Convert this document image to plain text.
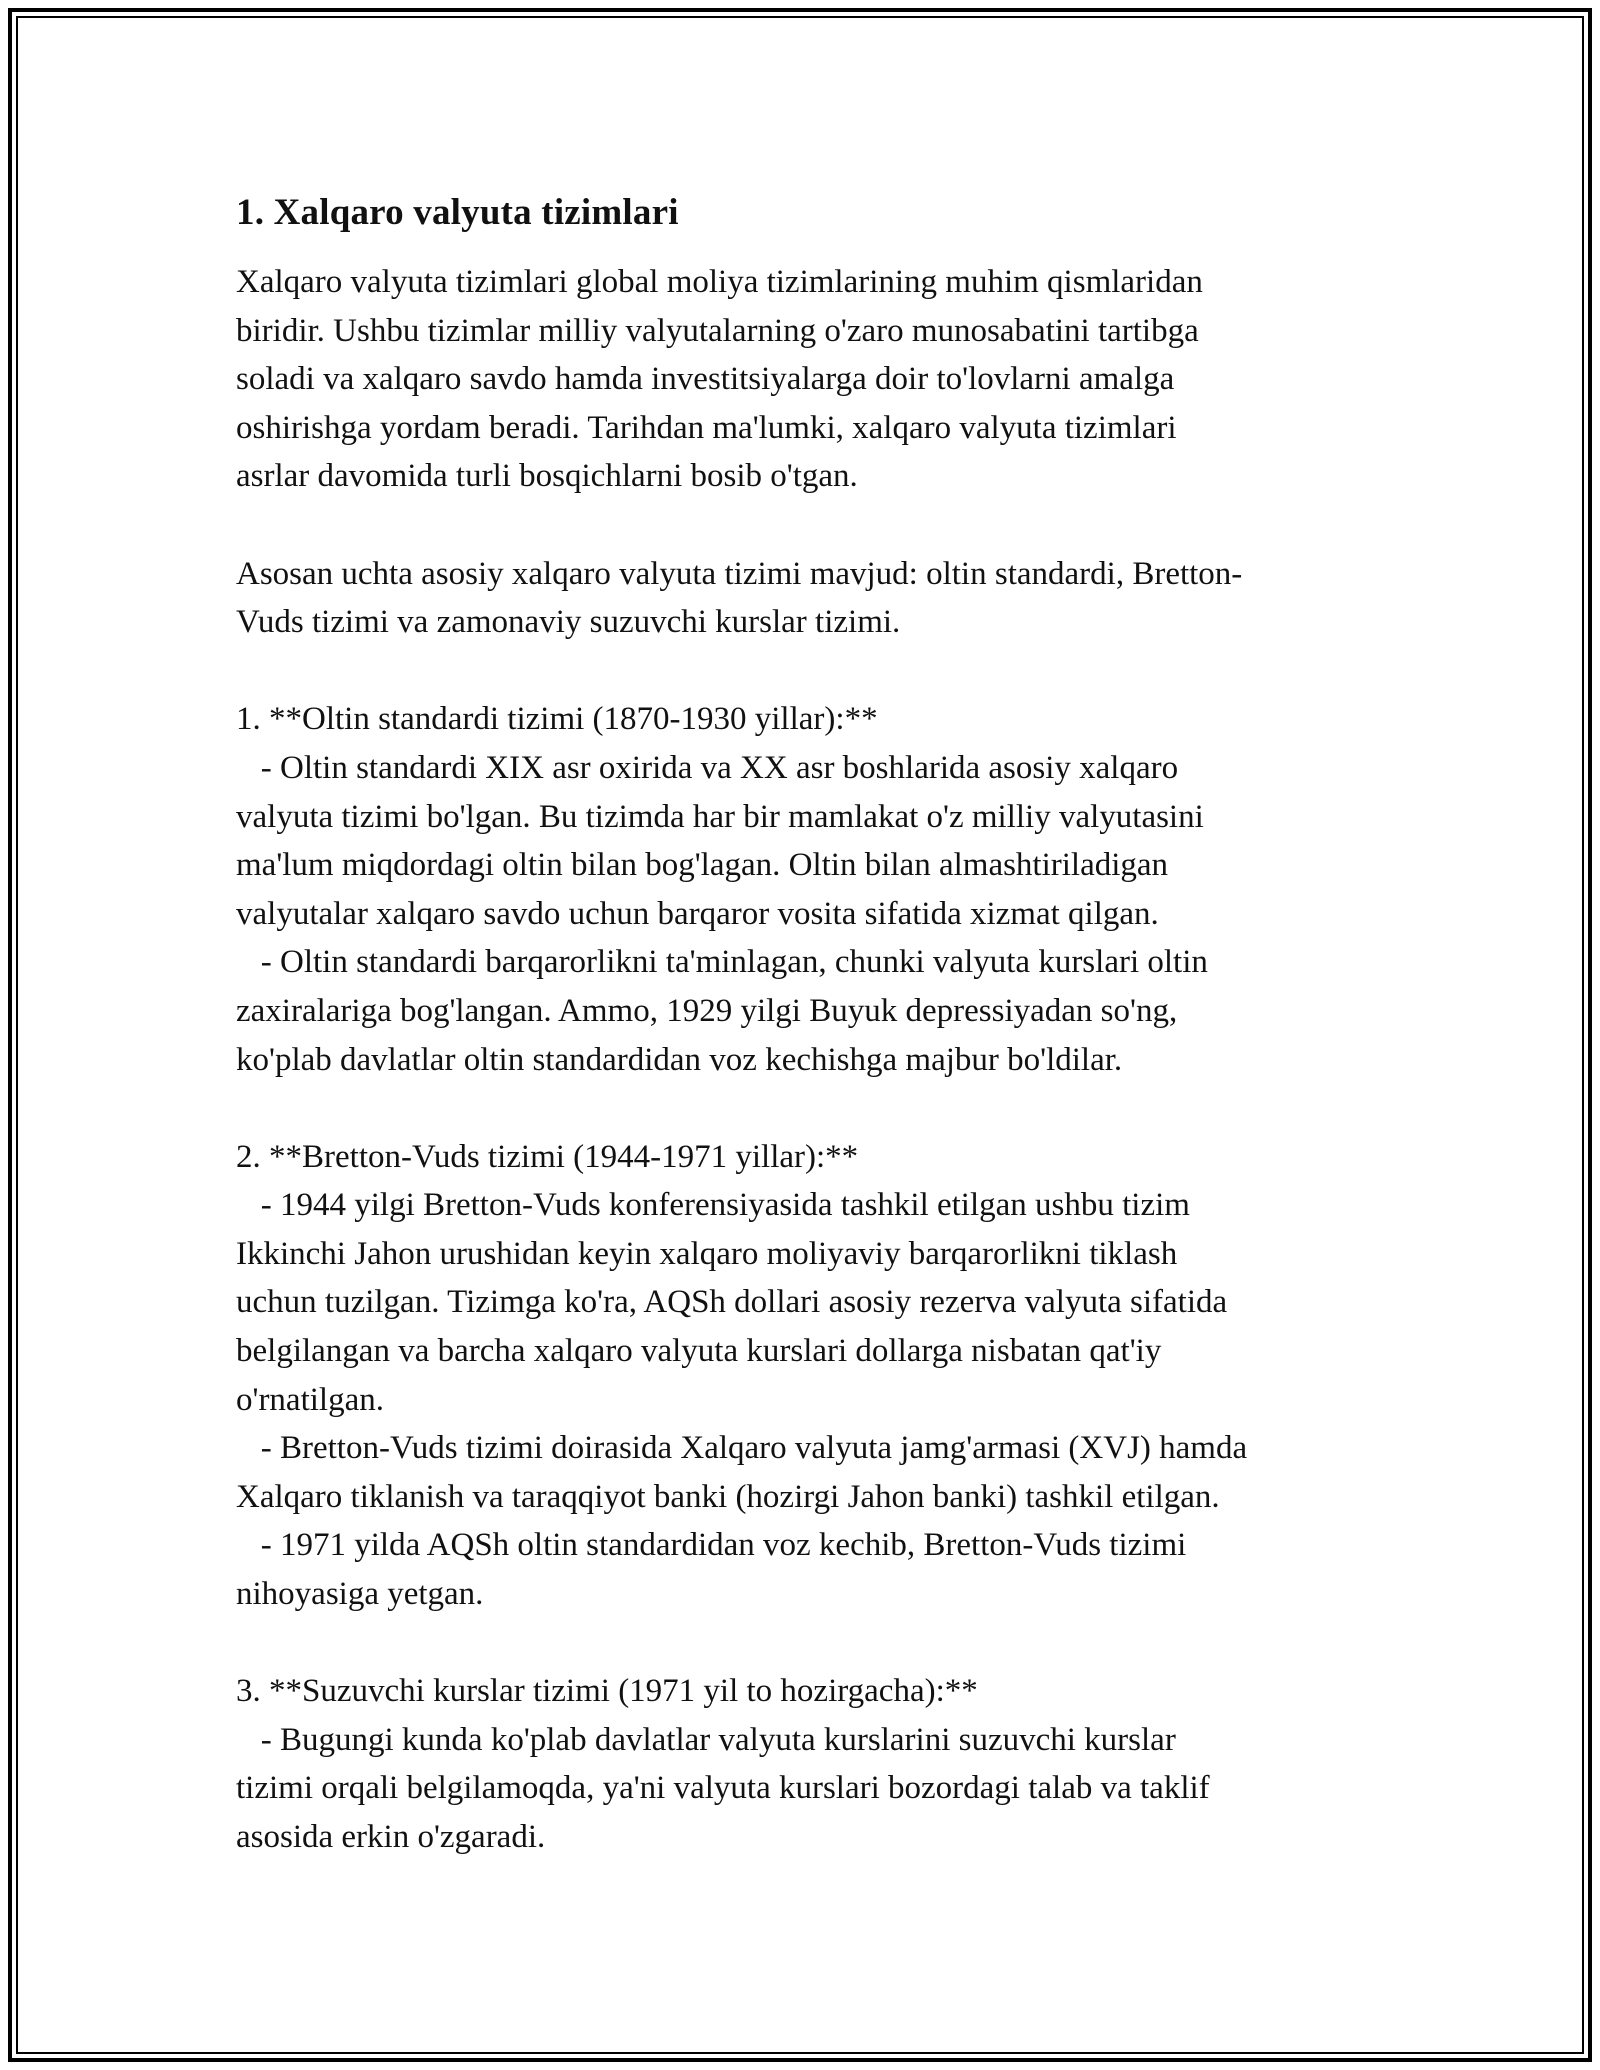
1. Xalqaro valyuta tizimlari
Xalqaro valyuta tizimlari global moliya tizimlarining muhim qismlaridan
biridir. Ushbu tizimlar milliy valyutalarning o'zaro munosabatini tartibga
soladi va xalqaro savdo hamda investitsiyalarga doir to'lovlarni amalga
oshirishga yordam beradi. Tarihdan ma'lumki, xalqaro valyuta tizimlari
asrlar davomida turli bosqichlarni bosib o'tgan.
Asosan uchta asosiy xalqaro valyuta tizimi mavjud: oltin standardi, Bretton-
Vuds tizimi va zamonaviy suzuvchi kurslar tizimi.
1. **Oltin standardi tizimi (1870-1930 yillar):**
- Oltin standardi XIX asr oxirida va XX asr boshlarida asosiy xalqaro
valyuta tizimi bo'lgan. Bu tizimda har bir mamlakat o'z milliy valyutasini
ma'lum miqdordagi oltin bilan bog'lagan. Oltin bilan almashtiriladigan
valyutalar xalqaro savdo uchun barqaror vosita sifatida xizmat qilgan.
- Oltin standardi barqarorlikni ta'minlagan, chunki valyuta kurslari oltin
zaxiralariga bog'langan. Ammo, 1929 yilgi Buyuk depressiyadan so'ng,
ko'plab davlatlar oltin standardidan voz kechishga majbur bo'ldilar.
2. **Bretton-Vuds tizimi (1944-1971 yillar):**
- 1944 yilgi Bretton-Vuds konferensiyasida tashkil etilgan ushbu tizim
Ikkinchi Jahon urushidan keyin xalqaro moliyaviy barqarorlikni tiklash
uchun tuzilgan. Tizimga ko'ra, AQSh dollari asosiy rezerva valyuta sifatida
belgilangan va barcha xalqaro valyuta kurslari dollarga nisbatan qat'iy
o'rnatilgan.
- Bretton-Vuds tizimi doirasida Xalqaro valyuta jamg'armasi (XVJ) hamda
Xalqaro tiklanish va taraqqiyot banki (hozirgi Jahon banki) tashkil etilgan.
- 1971 yilda AQSh oltin standardidan voz kechib, Bretton-Vuds tizimi
nihoyasiga yetgan.
3. **Suzuvchi kurslar tizimi (1971 yil to hozirgacha):**
- Bugungi kunda ko'plab davlatlar valyuta kurslarini suzuvchi kurslar
tizimi orqali belgilamoqda, ya'ni valyuta kurslari bozordagi talab va taklif
asosida erkin o'zgaradi.
